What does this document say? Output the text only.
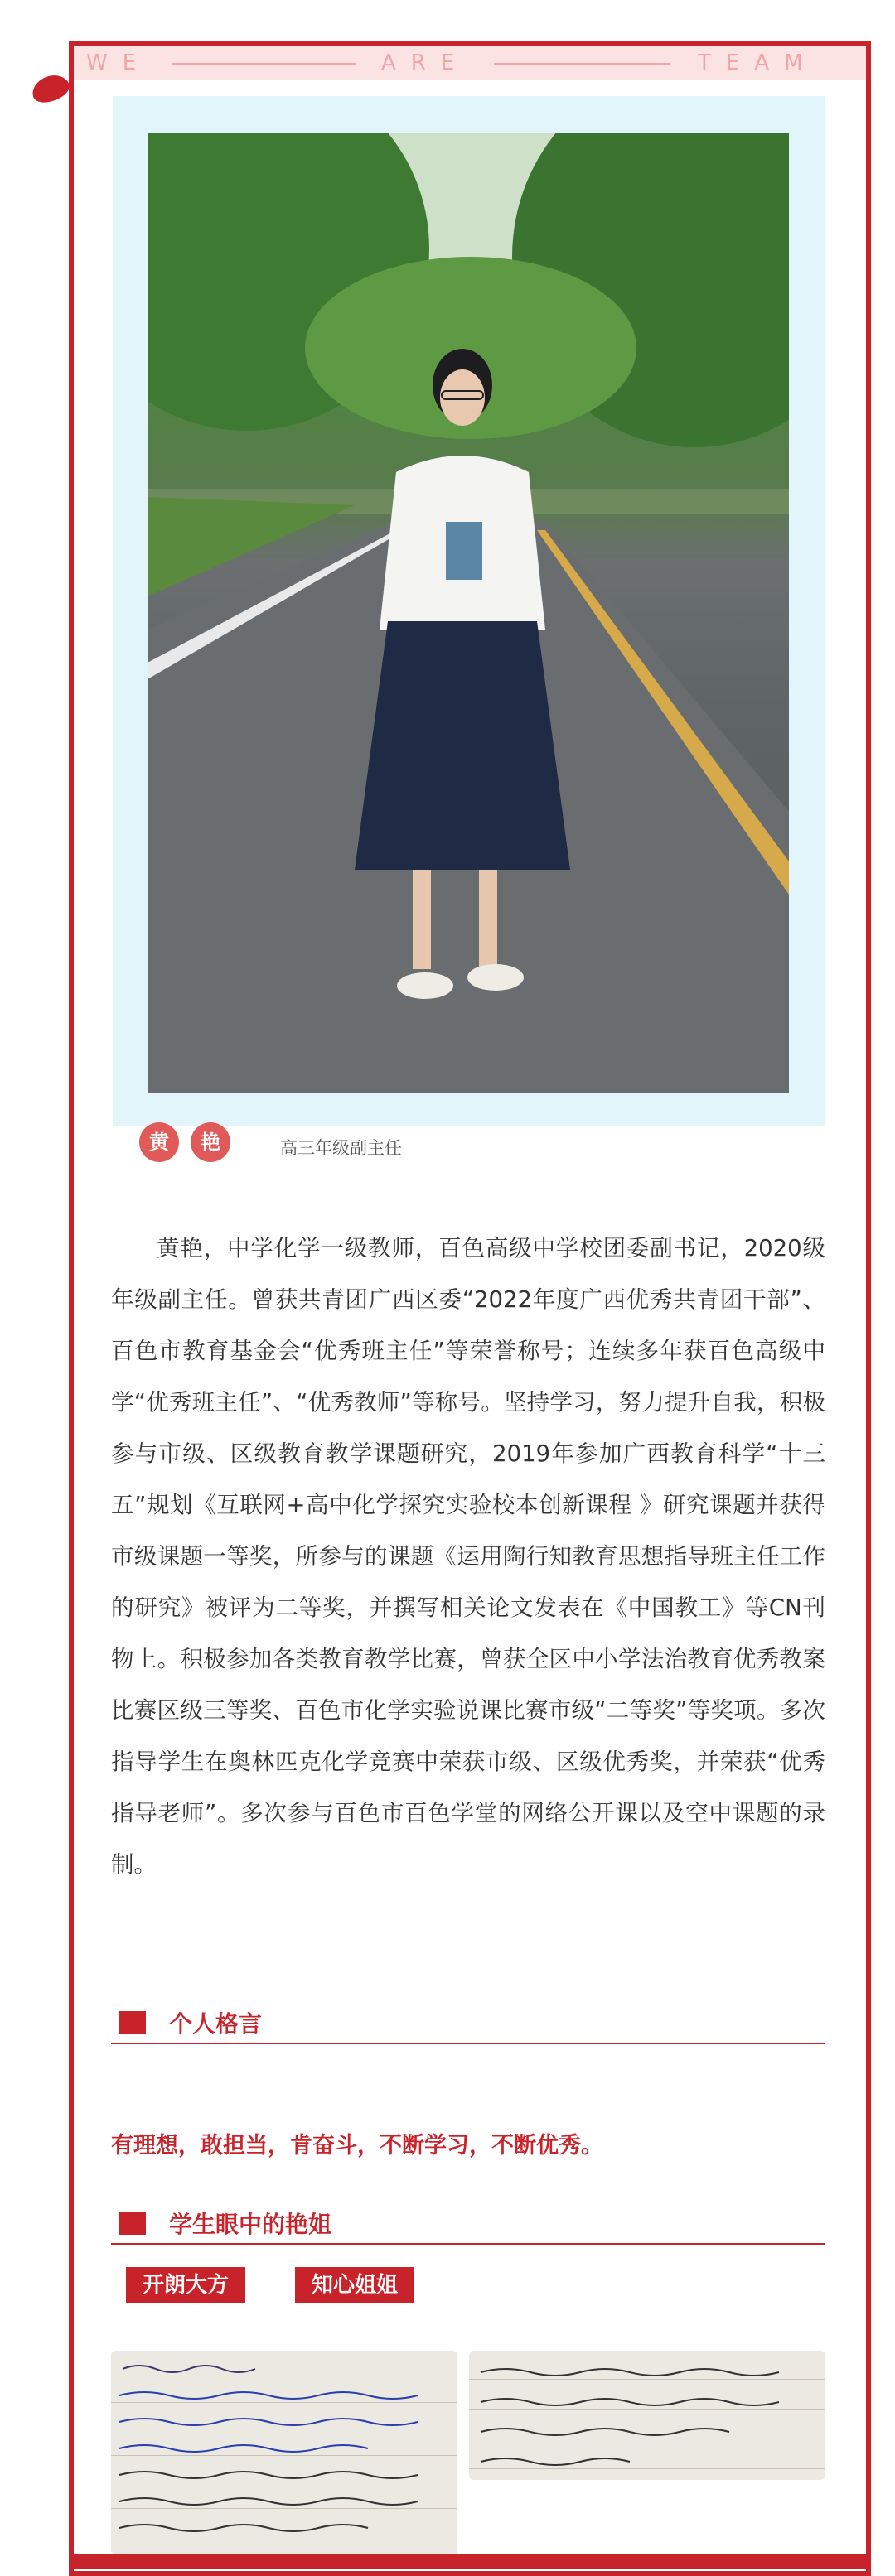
WE	ARE	TEAM
黄	艳	高三年级副主任

黄艳，中学化学一级教师，百色高级中学校团委副书记，2020级年级副主任。曾获共青团广西区委“2022年度广西优秀共青团干部”、百色市教育基金会“优秀班主任”等荣誉称号；连续多年获百色高级中学“优秀班主任”、“优秀教师”等称号。坚持学习，努力提升自我，积极参与市级、区级教育教学课题研究，2019年参加广西教育科学“十三五”规划《互联网+高中化学探究实验校本创新课程 》研究课题并获得市级课题一等奖，所参与的课题《运用陶行知教育思想指导班主任工作的研究》被评为二等奖，并撰写相关论文发表在《中国教工》等CN刊物上。积极参加各类教育教学比赛，曾获全区中小学法治教育优秀教案比赛区级三等奖、百色市化学实验说课比赛市级“二等奖”等奖项。多次指导学生在奥林匹克化学竞赛中荣获市级、区级优秀奖，并荣获“优秀指导老师”。多次参与百色市百色学堂的网络公开课以及空中课题的录制。

个人格言
有理想，敢担当，肯奋斗，不断学习，不断优秀。
学生眼中的艳姐
开朗大方	知心姐姐
